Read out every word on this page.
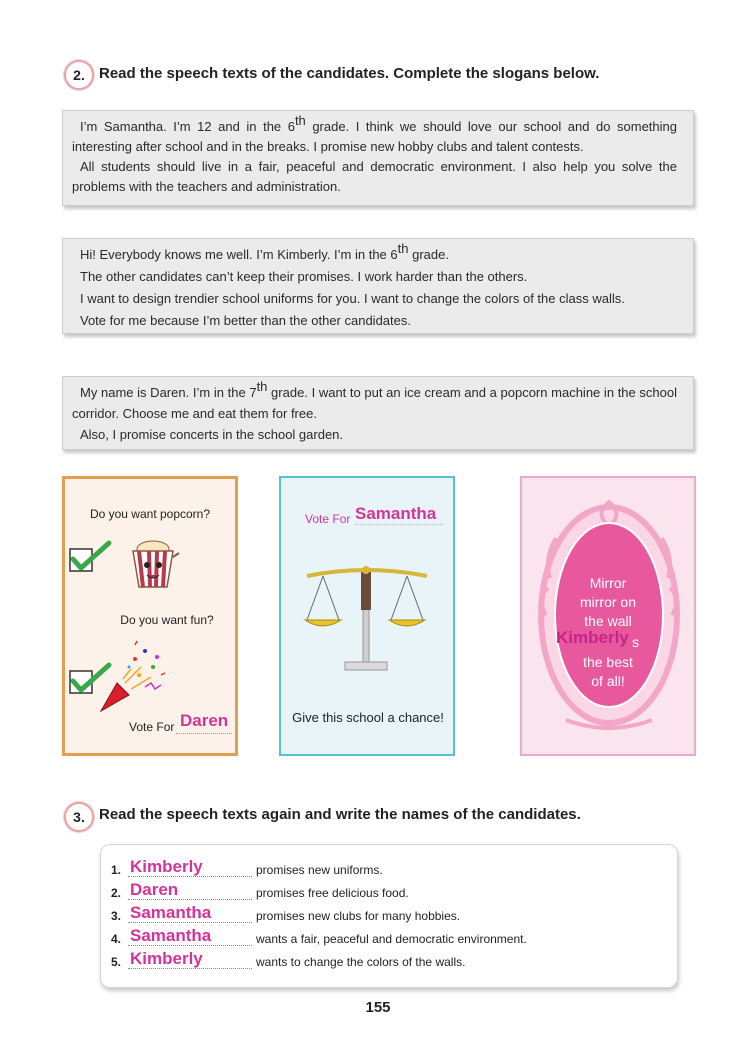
2. Read the speech texts of the candidates. Complete the slogans below.

I’m Samantha. I’m 12 and in the 6th grade. I think we should love our school and do something interesting after school and in the breaks. I promise new hobby clubs and talent contests.

All students should live in a fair, peaceful and democratic environment. I also help you solve the problems with the teachers and administration.

Hi! Everybody knows me well. I’m Kimberly. I’m in the 6th grade.

The other candidates can’t keep their promises. I work harder than the others.

I want to design trendier school uniforms for you. I want to change the colors of the class walls.

Vote for me because I’m better than the other candidates.

My name is Daren. I’m in the 7th grade. I want to put an ice cream and a popcorn machine in the school corridor. Choose me and eat them for free.

Also, I promise concerts in the school garden.

Do you want popcorn?
Do you want fun?
Vote For Daren
Vote For Samantha
Give this school a chance!
Mirror
mirror on
the wall
Kimberly s
the best
of all!
3. Read the speech texts again and write the names of the candidates.
1. Kimberly	promises new uniforms.
2. Daren	promises free delicious food.
3. Samantha	promises new clubs for many hobbies.
4. Samantha	wants a fair, peaceful and democratic environment.
5. Kimberly	wants to change the colors of the walls.
155
